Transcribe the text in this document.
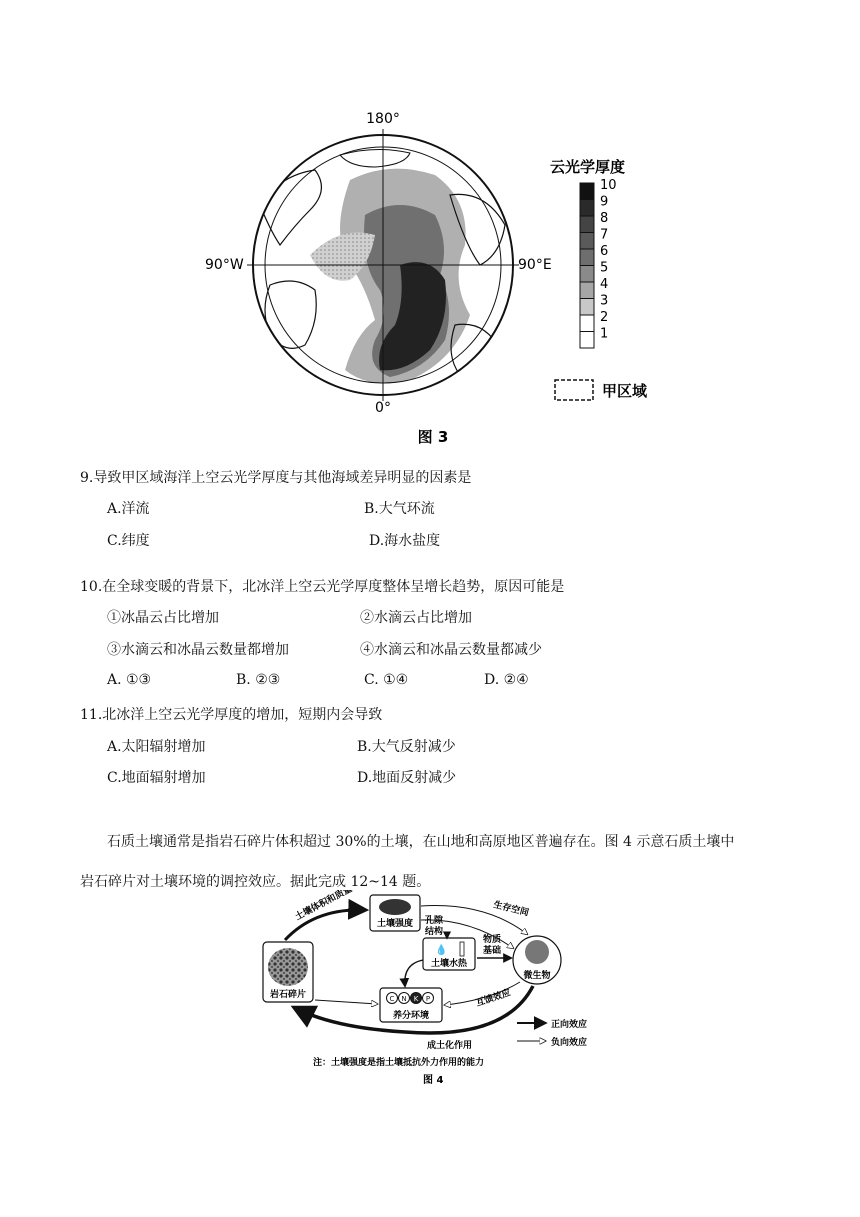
180°
90°W	90°E
0°
云光学厚度
10
9
8
7
6
5
4
3
2
1
甲区域
图 3
9.导致甲区域海洋上空云光学厚度与其他海域差异明显的因素是
A.洋流	B.大气环流
C.纬度	D.海水盐度
10.在全球变暖的背景下，北冰洋上空云光学厚度整体呈增长趋势，原因可能是
①冰晶云占比增加	②水滴云占比增加
③水滴云和冰晶云数量都增加	④水滴云和冰晶云数量都减少
A. ①③	B. ②③	C. ①④	D. ②④
11.北冰洋上空云光学厚度的增加，短期内会导致
A.太阳辐射增加	B.大气反射减少
C.地面辐射增加	D.地面反射减少
石质土壤通常是指岩石碎片体积超过 30%的土壤，在山地和高原地区普遍存在。图 4 示意石质土壤中
岩石碎片对土壤环境的调控效应。据此完成 12~14 题。
岩石碎片
土壤强度 孔隙
结构
💧
土壤水热
物质
基础
微生物
C N K P
养分环境
土壤体积和质量	生存空间
互馈效应
成土化作用
正向效应
负向效应
注：土壤强度是指土壤抵抗外力作用的能力
图 4
